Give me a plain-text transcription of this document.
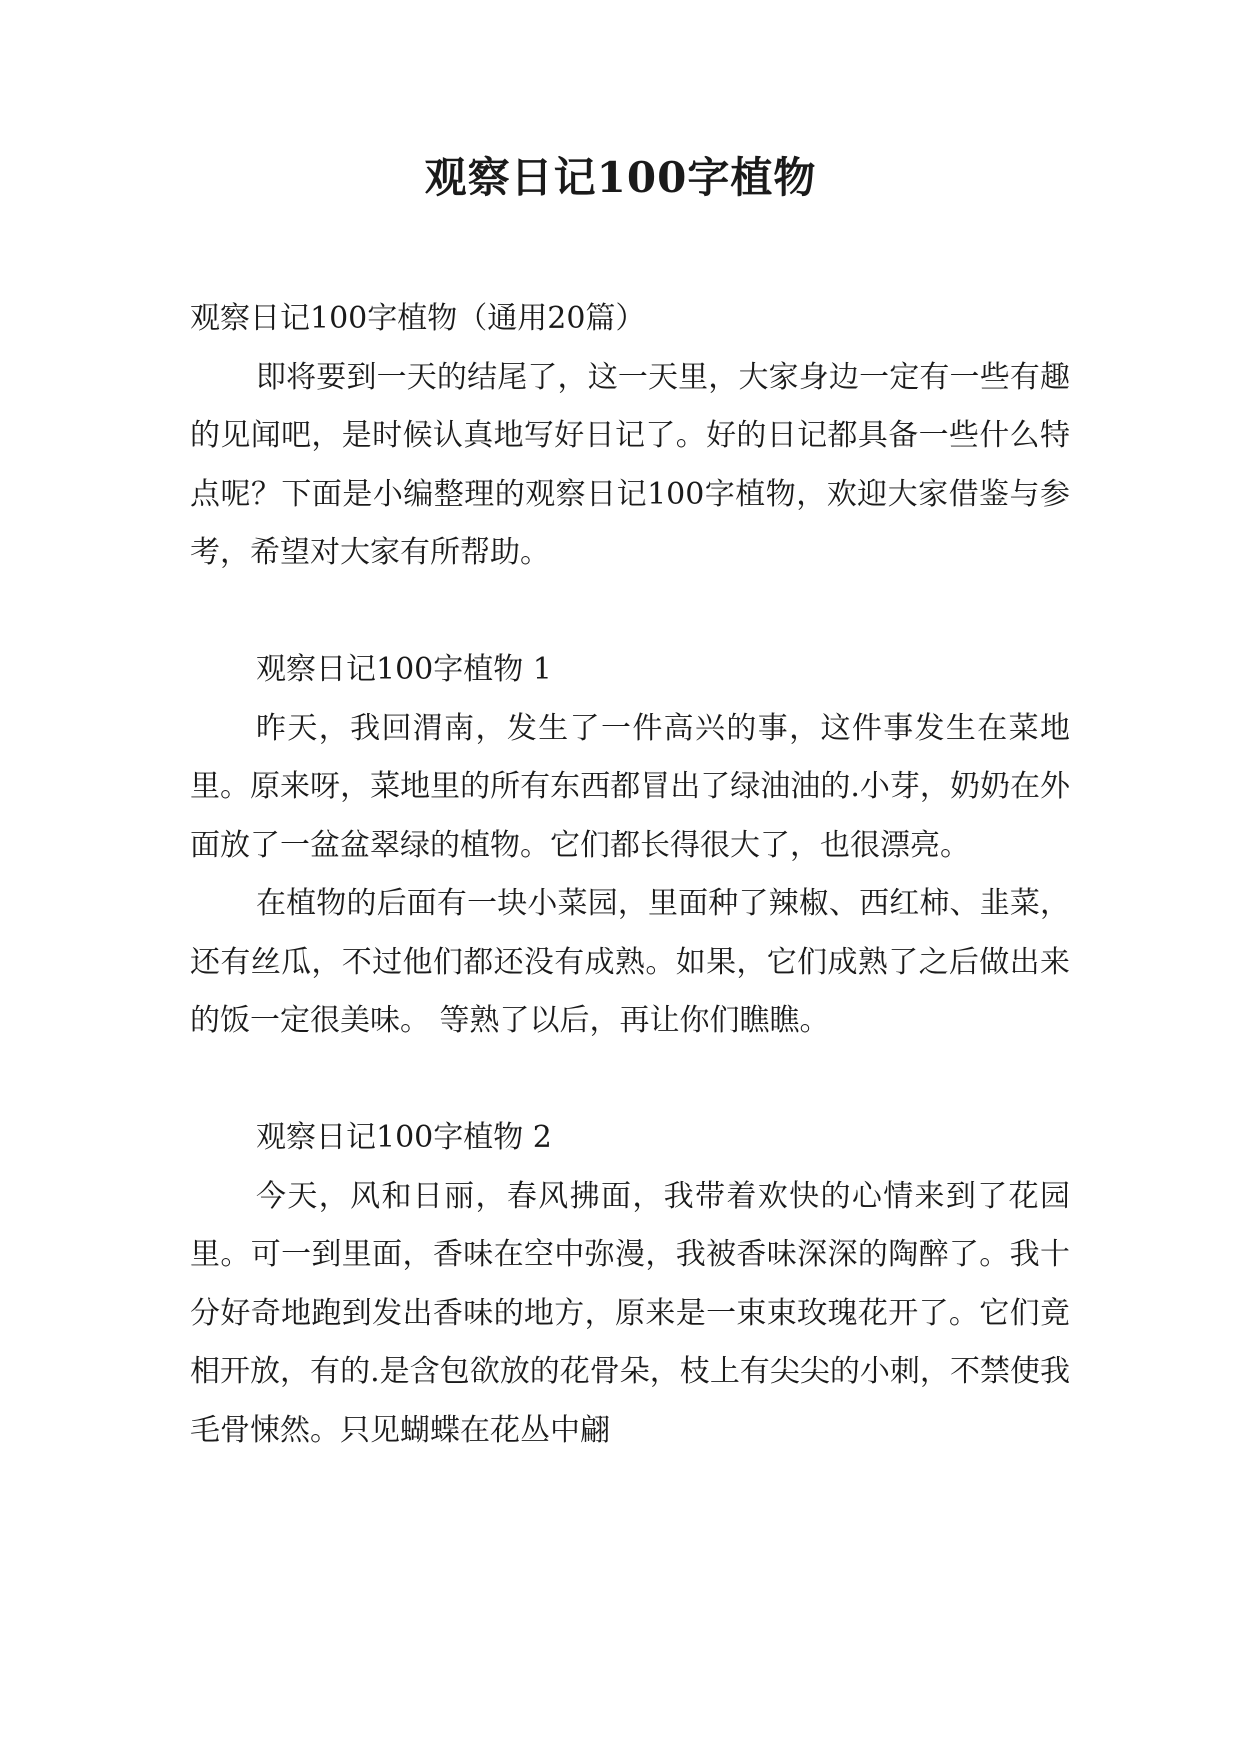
观察日记100字植物

观察日记100字植物（通用20篇）

即将要到一天的结尾了，这一天里，大家身边一定有一些有趣的见闻吧，是时候认真地写好日记了。好的日记都具备一些什么特点呢？下面是小编整理的观察日记100字植物，欢迎大家借鉴与参考，希望对大家有所帮助。

观察日记100字植物 1

昨天，我回渭南，发生了一件高兴的事，这件事发生在菜地里。原来呀，菜地里的所有东西都冒出了绿油油的.小芽，奶奶在外面放了一盆盆翠绿的植物。它们都长得很大了，也很漂亮。

在植物的后面有一块小菜园，里面种了辣椒、西红柿、韭菜，还有丝瓜，不过他们都还没有成熟。如果，它们成熟了之后做出来的饭一定很美味。 等熟了以后，再让你们瞧瞧。

观察日记100字植物 2

今天，风和日丽，春风拂面，我带着欢快的心情来到了花园里。可一到里面，香味在空中弥漫，我被香味深深的陶醉了。我十分好奇地跑到发出香味的地方，原来是一束束玫瑰花开了。它们竟相开放，有的.是含包欲放的花骨朵，枝上有尖尖的小刺，不禁使我毛骨悚然。只见蝴蝶在花丛中翩
